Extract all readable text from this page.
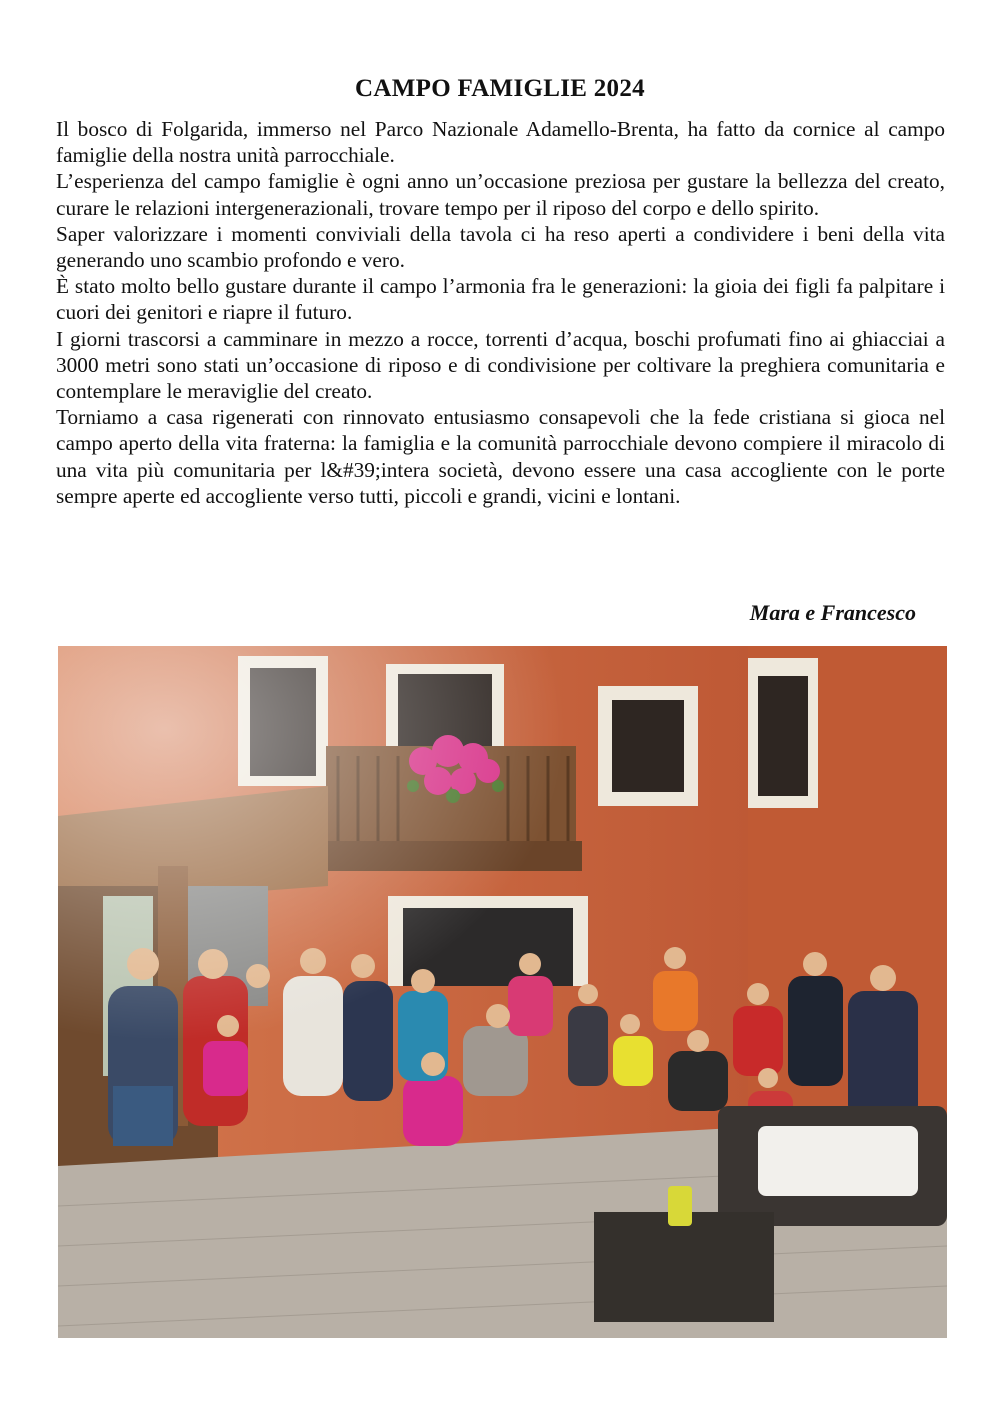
CAMPO FAMIGLIE 2024

Il bosco di Folgarida, immerso nel Parco Nazionale Adamello-Brenta, ha fatto da cornice al campo famiglie della nostra unità parrocchiale.

L’esperienza del campo famiglie è ogni anno un’occasione preziosa per gustare la bellezza del creato, curare le relazioni intergenerazionali, trovare tempo per il riposo del corpo e dello spirito.

Saper valorizzare i momenti conviviali della tavola ci ha reso aperti a condividere i beni della vita generando uno scambio profondo e vero.

È stato molto bello gustare durante il campo l’armonia fra le generazioni: la gioia dei figli fa palpitare i cuori dei genitori e riapre il futuro.

I giorni trascorsi a camminare in mezzo a rocce, torrenti d’acqua, boschi profumati fino ai ghiacciai a 3000 metri sono stati un’occasione di riposo e di condivisione per coltivare la preghiera comunitaria e contemplare le meraviglie del creato.

Torniamo a casa rigenerati con rinnovato entusiasmo consapevoli che la fede cristiana si gioca nel campo aperto della vita fraterna: la famiglia e la comunità parrocchiale devono compiere il miracolo di una vita più comunitaria per l&#39;intera società, devono essere una casa accogliente con le porte sempre aperte ed accogliente verso tutti, piccoli e grandi, vicini e lontani.

Mara e Francesco
